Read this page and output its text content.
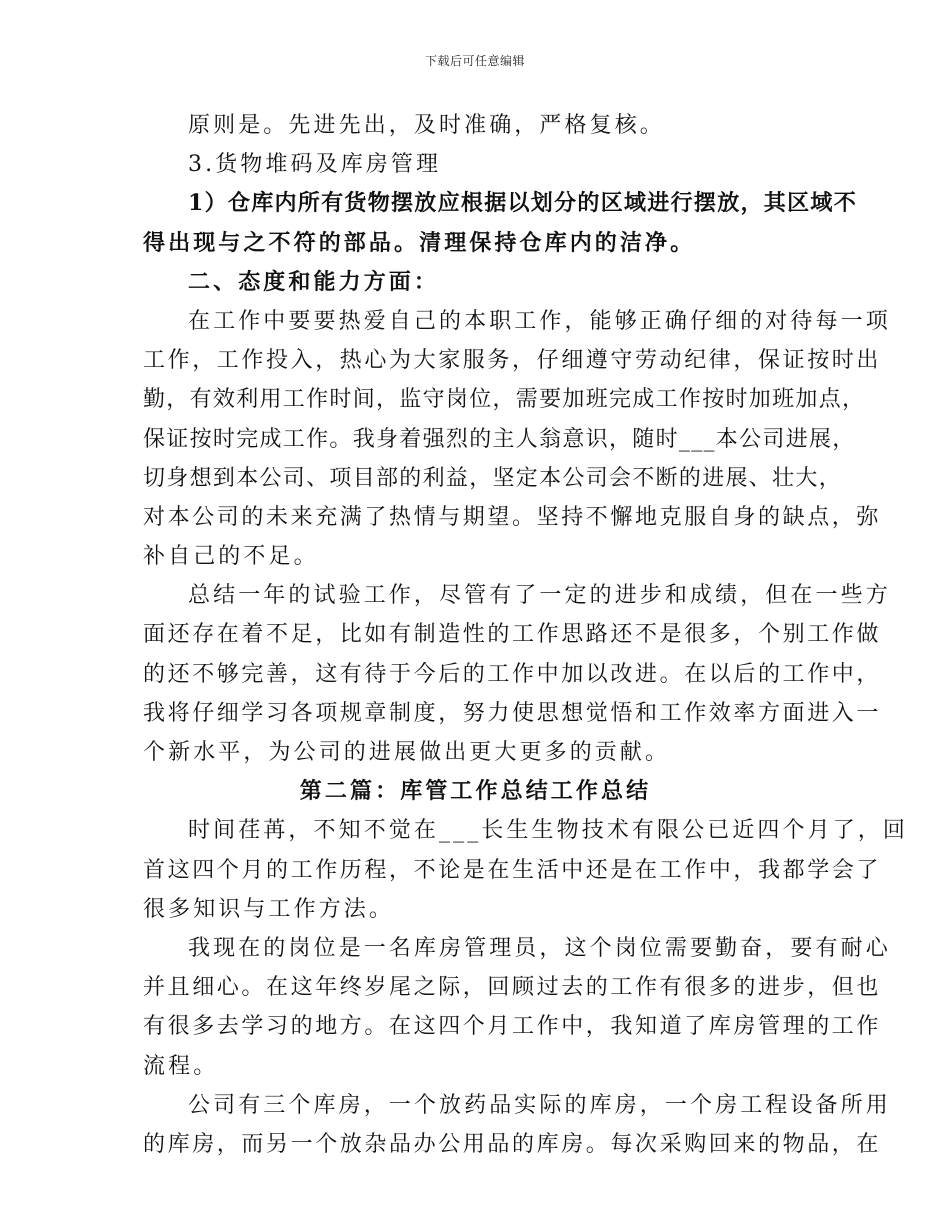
下载后可任意编辑
原则是。先进先出，及时准确，严格复核。
3.货物堆码及库房管理
1）仓库内所有货物摆放应根据以划分的区域进行摆放，其区域不
得出现与之不符的部品。清理保持仓库内的洁净。
二、态度和能力方面：
在工作中要要热爱自己的本职工作，能够正确仔细的对待每一项
工作，工作投入，热心为大家服务，仔细遵守劳动纪律，保证按时出
勤，有效利用工作时间，监守岗位，需要加班完成工作按时加班加点，
保证按时完成工作。我身着强烈的主人翁意识，随时___本公司进展，
切身想到本公司、项目部的利益，坚定本公司会不断的进展、壮大，
对本公司的未来充满了热情与期望。坚持不懈地克服自身的缺点，弥
补自己的不足。
总结一年的试验工作，尽管有了一定的进步和成绩，但在一些方
面还存在着不足，比如有制造性的工作思路还不是很多，个别工作做
的还不够完善，这有待于今后的工作中加以改进。在以后的工作中，
我将仔细学习各项规章制度，努力使思想觉悟和工作效率方面进入一
个新水平，为公司的进展做出更大更多的贡献。
第二篇：库管工作总结工作总结
时间荏苒，不知不觉在___长生生物技术有限公已近四个月了，回
首这四个月的工作历程，不论是在生活中还是在工作中，我都学会了
很多知识与工作方法。
我现在的岗位是一名库房管理员，这个岗位需要勤奋，要有耐心
并且细心。在这年终岁尾之际，回顾过去的工作有很多的进步，但也
有很多去学习的地方。在这四个月工作中，我知道了库房管理的工作
流程。
公司有三个库房，一个放药品实际的库房，一个房工程设备所用
的库房，而另一个放杂品办公用品的库房。每次采购回来的物品，在
